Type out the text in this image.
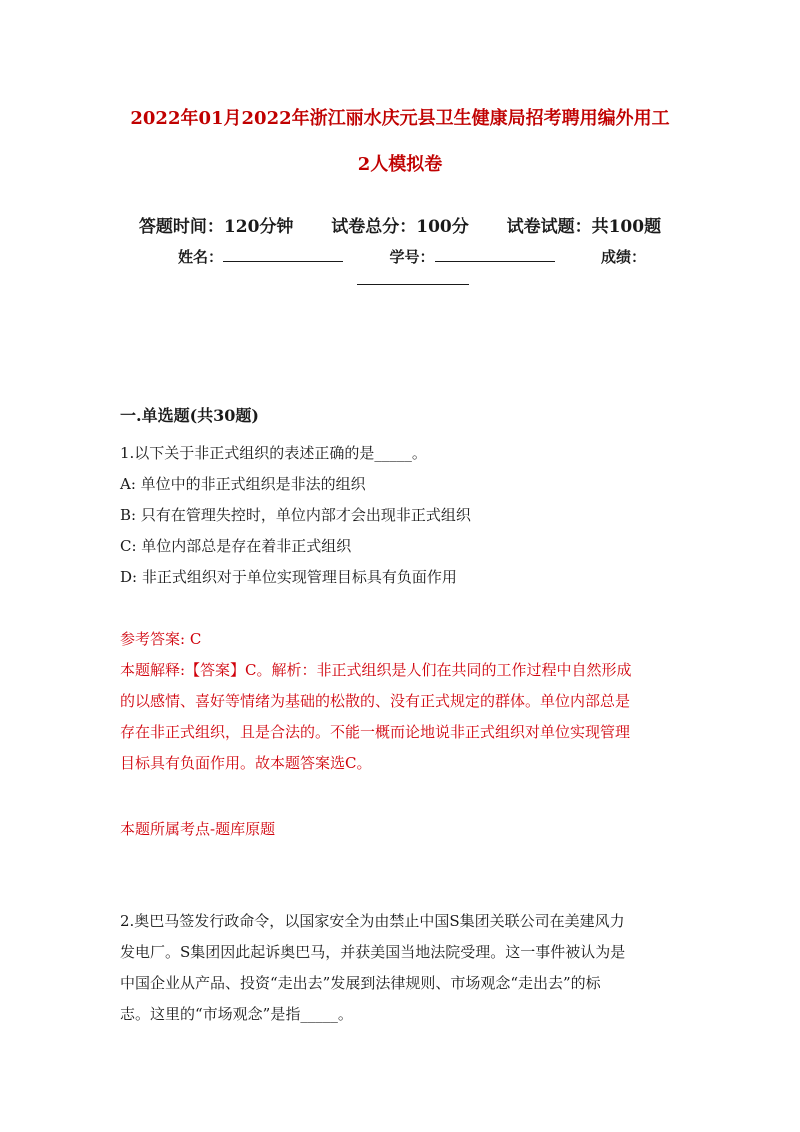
2022年01月2022年浙江丽水庆元县卫生健康局招考聘用编外用工
2人模拟卷
答题时间：120分钟 试卷总分：100分 试卷试题：共100题
姓名：	学号：	成绩：
一.单选题(共30题)
1.以下关于非正式组织的表述正确的是_____。
A: 单位中的非正式组织是非法的组织
B: 只有在管理失控时，单位内部才会出现非正式组织
C: 单位内部总是存在着非正式组织
D: 非正式组织对于单位实现管理目标具有负面作用
参考答案: C
本题解释:【答案】C。解析：非正式组织是人们在共同的工作过程中自然形成
的以感情、喜好等情绪为基础的松散的、没有正式规定的群体。单位内部总是
存在非正式组织，且是合法的。不能一概而论地说非正式组织对单位实现管理
目标具有负面作用。故本题答案选C。
本题所属考点-题库原题
2.奥巴马签发行政命令，以国家安全为由禁止中国S集团关联公司在美建风力
发电厂。S集团因此起诉奥巴马，并获美国当地法院受理。这一事件被认为是
中国企业从产品、投资“走出去”发展到法律规则、市场观念“走出去”的标
志。这里的“市场观念”是指_____。
